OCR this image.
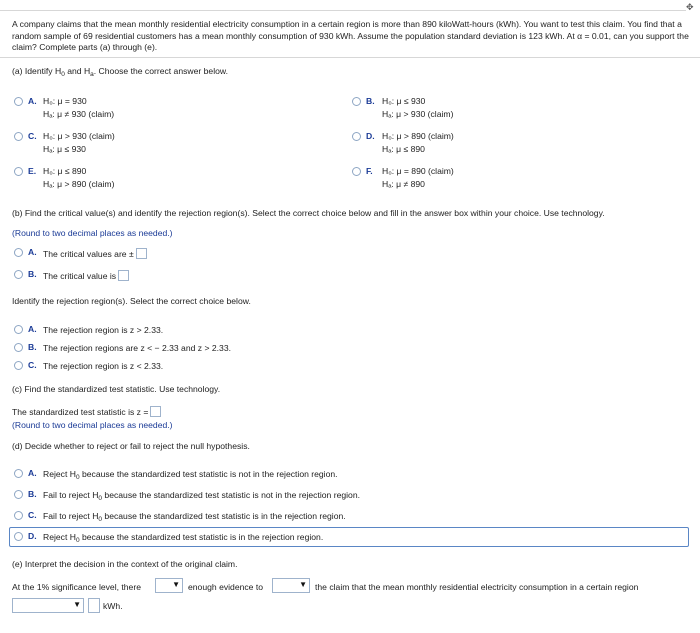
✥
A company claims that the mean monthly residential electricity consumption in a certain region is more than 890 kiloWatt-hours (kWh). You want to test this claim. You find that a random sample of 69 residential customers has a mean monthly consumption of 930 kWh. Assume the population standard deviation is 123 kWh. At α = 0.01, can you support the claim? Complete parts (a) through (e).
(a) Identify $H_0$ and $H_a$. Choose the correct answer below.
A. H₀: μ = 930
Hₐ: μ ≠ 930 (claim)
B. H₀: μ ≤ 930
Hₐ: μ > 930 (claim)
C. H₀: μ > 930 (claim)
Hₐ: μ ≤ 930
D. H₀: μ > 890 (claim)
Hₐ: μ ≤ 890
E. H₀: μ ≤ 890
Hₐ: μ > 890 (claim)
F. H₀: μ = 890 (claim)
Hₐ: μ ≠ 890
(b) Find the critical value(s) and identify the rejection region(s). Select the correct choice below and fill in the answer box within your choice. Use technology.
(Round to two decimal places as needed.)
A. The critical values are ±
B. The critical value is
Identify the rejection region(s). Select the correct choice below.
A. The rejection region is z > 2.33.
B. The rejection regions are z < − 2.33 and z > 2.33.
C. The rejection region is z < 2.33.
(c) Find the standardized test statistic. Use technology.
The standardized test statistic is z =
(Round to two decimal places as needed.)
(d) Decide whether to reject or fail to reject the null hypothesis.
A. Reject $H_0$ because the standardized test statistic is not in the rejection region.
B. Fail to reject $H_0$ because the standardized test statistic is not in the rejection region.
C. Fail to reject $H_0$ because the standardized test statistic is in the rejection region.
D. Reject $H_0$ because the standardized test statistic is in the rejection region.
(e) Interpret the decision in the context of the original claim.
At the 1% significance level, there	▼ enough evidence to	▼ the claim that the mean monthly residential electricity consumption in a certain region
▼	kWh.
